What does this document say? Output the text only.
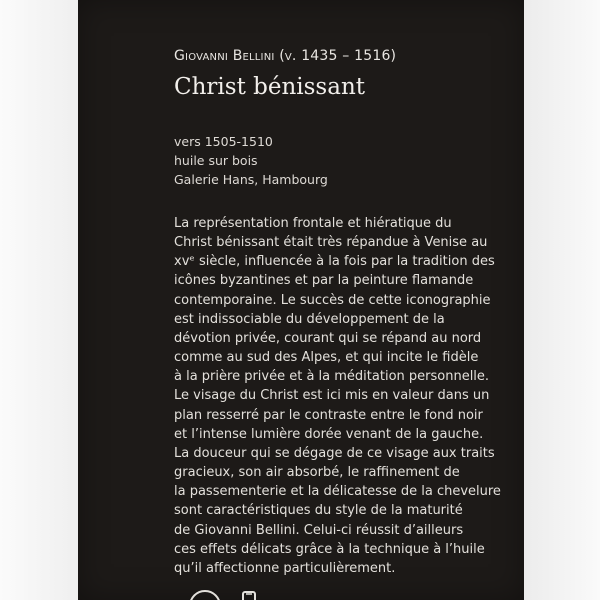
Giovanni Bellini (v. 1435 – 1516)

Christ bénissant
vers 1505-1510
huile sur bois
Galerie Hans, Hambourg
La représentation frontale et hiératique du
Christ bénissant était très répandue à Venise au
xvᵉ siècle, influencée à la fois par la tradition des
icônes byzantines et par la peinture flamande
contemporaine. Le succès de cette iconographie
est indissociable du développement de la
dévotion privée, courant qui se répand au nord
comme au sud des Alpes, et qui incite le fidèle
à la prière privée et à la méditation personnelle.
Le visage du Christ est ici mis en valeur dans un
plan resserré par le contraste entre le fond noir
et l’intense lumière dorée venant de la gauche.
La douceur qui se dégage de ce visage aux traits
gracieux, son air absorbé, le raffinement de
la passementerie et la délicatesse de la chevelure
sont caractéristiques du style de la maturité
de Giovanni Bellini. Celui-ci réussit d’ailleurs
ces effets délicats grâce à la technique à l’huile
qu’il affectionne particulièrement.
